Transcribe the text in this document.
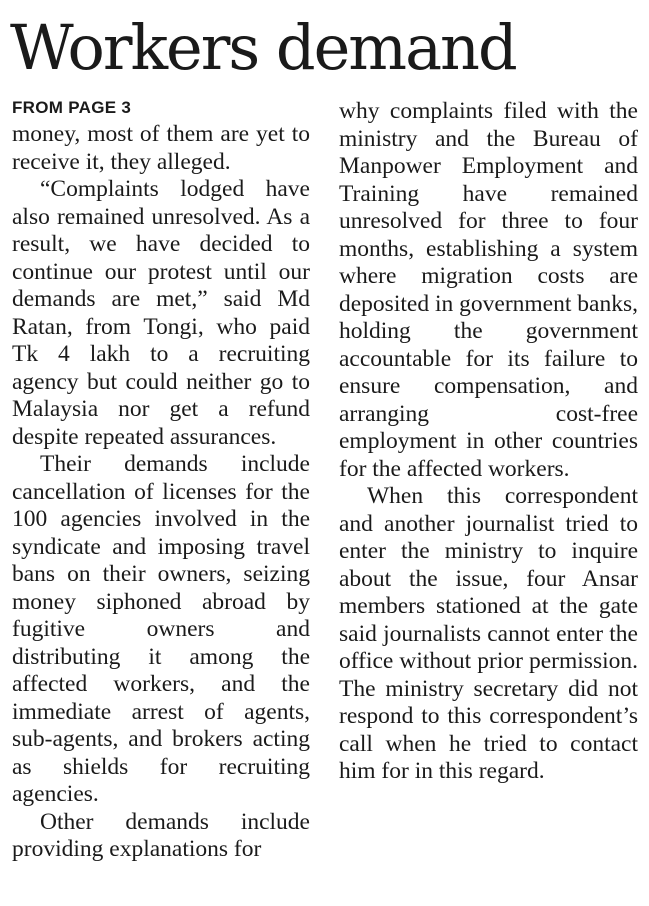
Workers demand
FROM PAGE 3

money, most of them are yet to receive it, they alleged.

“Complaints lodged have also remained unresolved. As a result, we have decided to continue our protest until our demands are met,” said Md Ratan, from Tongi, who paid Tk 4 lakh to a recruiting agency but could neither go to Malaysia nor get a refund despite repeated assurances.

Their demands include cancellation of licenses for the 100 agencies involved in the syndicate and imposing travel bans on their owners, seizing money siphoned abroad by fugitive owners and distributing it among the affected workers, and the immediate arrest of agents, sub-agents, and brokers acting as shields for recruiting agencies.

Other demands include providing explanations for

why complaints filed with the ministry and the Bureau of Manpower Employment and Training have remained unresolved for three to four months, establishing a system where migration costs are deposited in government banks, holding the government accountable for its failure to ensure compensation, and arranging cost-free employment in other countries for the affected workers.

When this correspondent and another journalist tried to enter the ministry to inquire about the issue, four Ansar members stationed at the gate said journalists cannot enter the office without prior permission. The ministry secretary did not respond to this correspondent’s call when he tried to contact him for in this regard.
